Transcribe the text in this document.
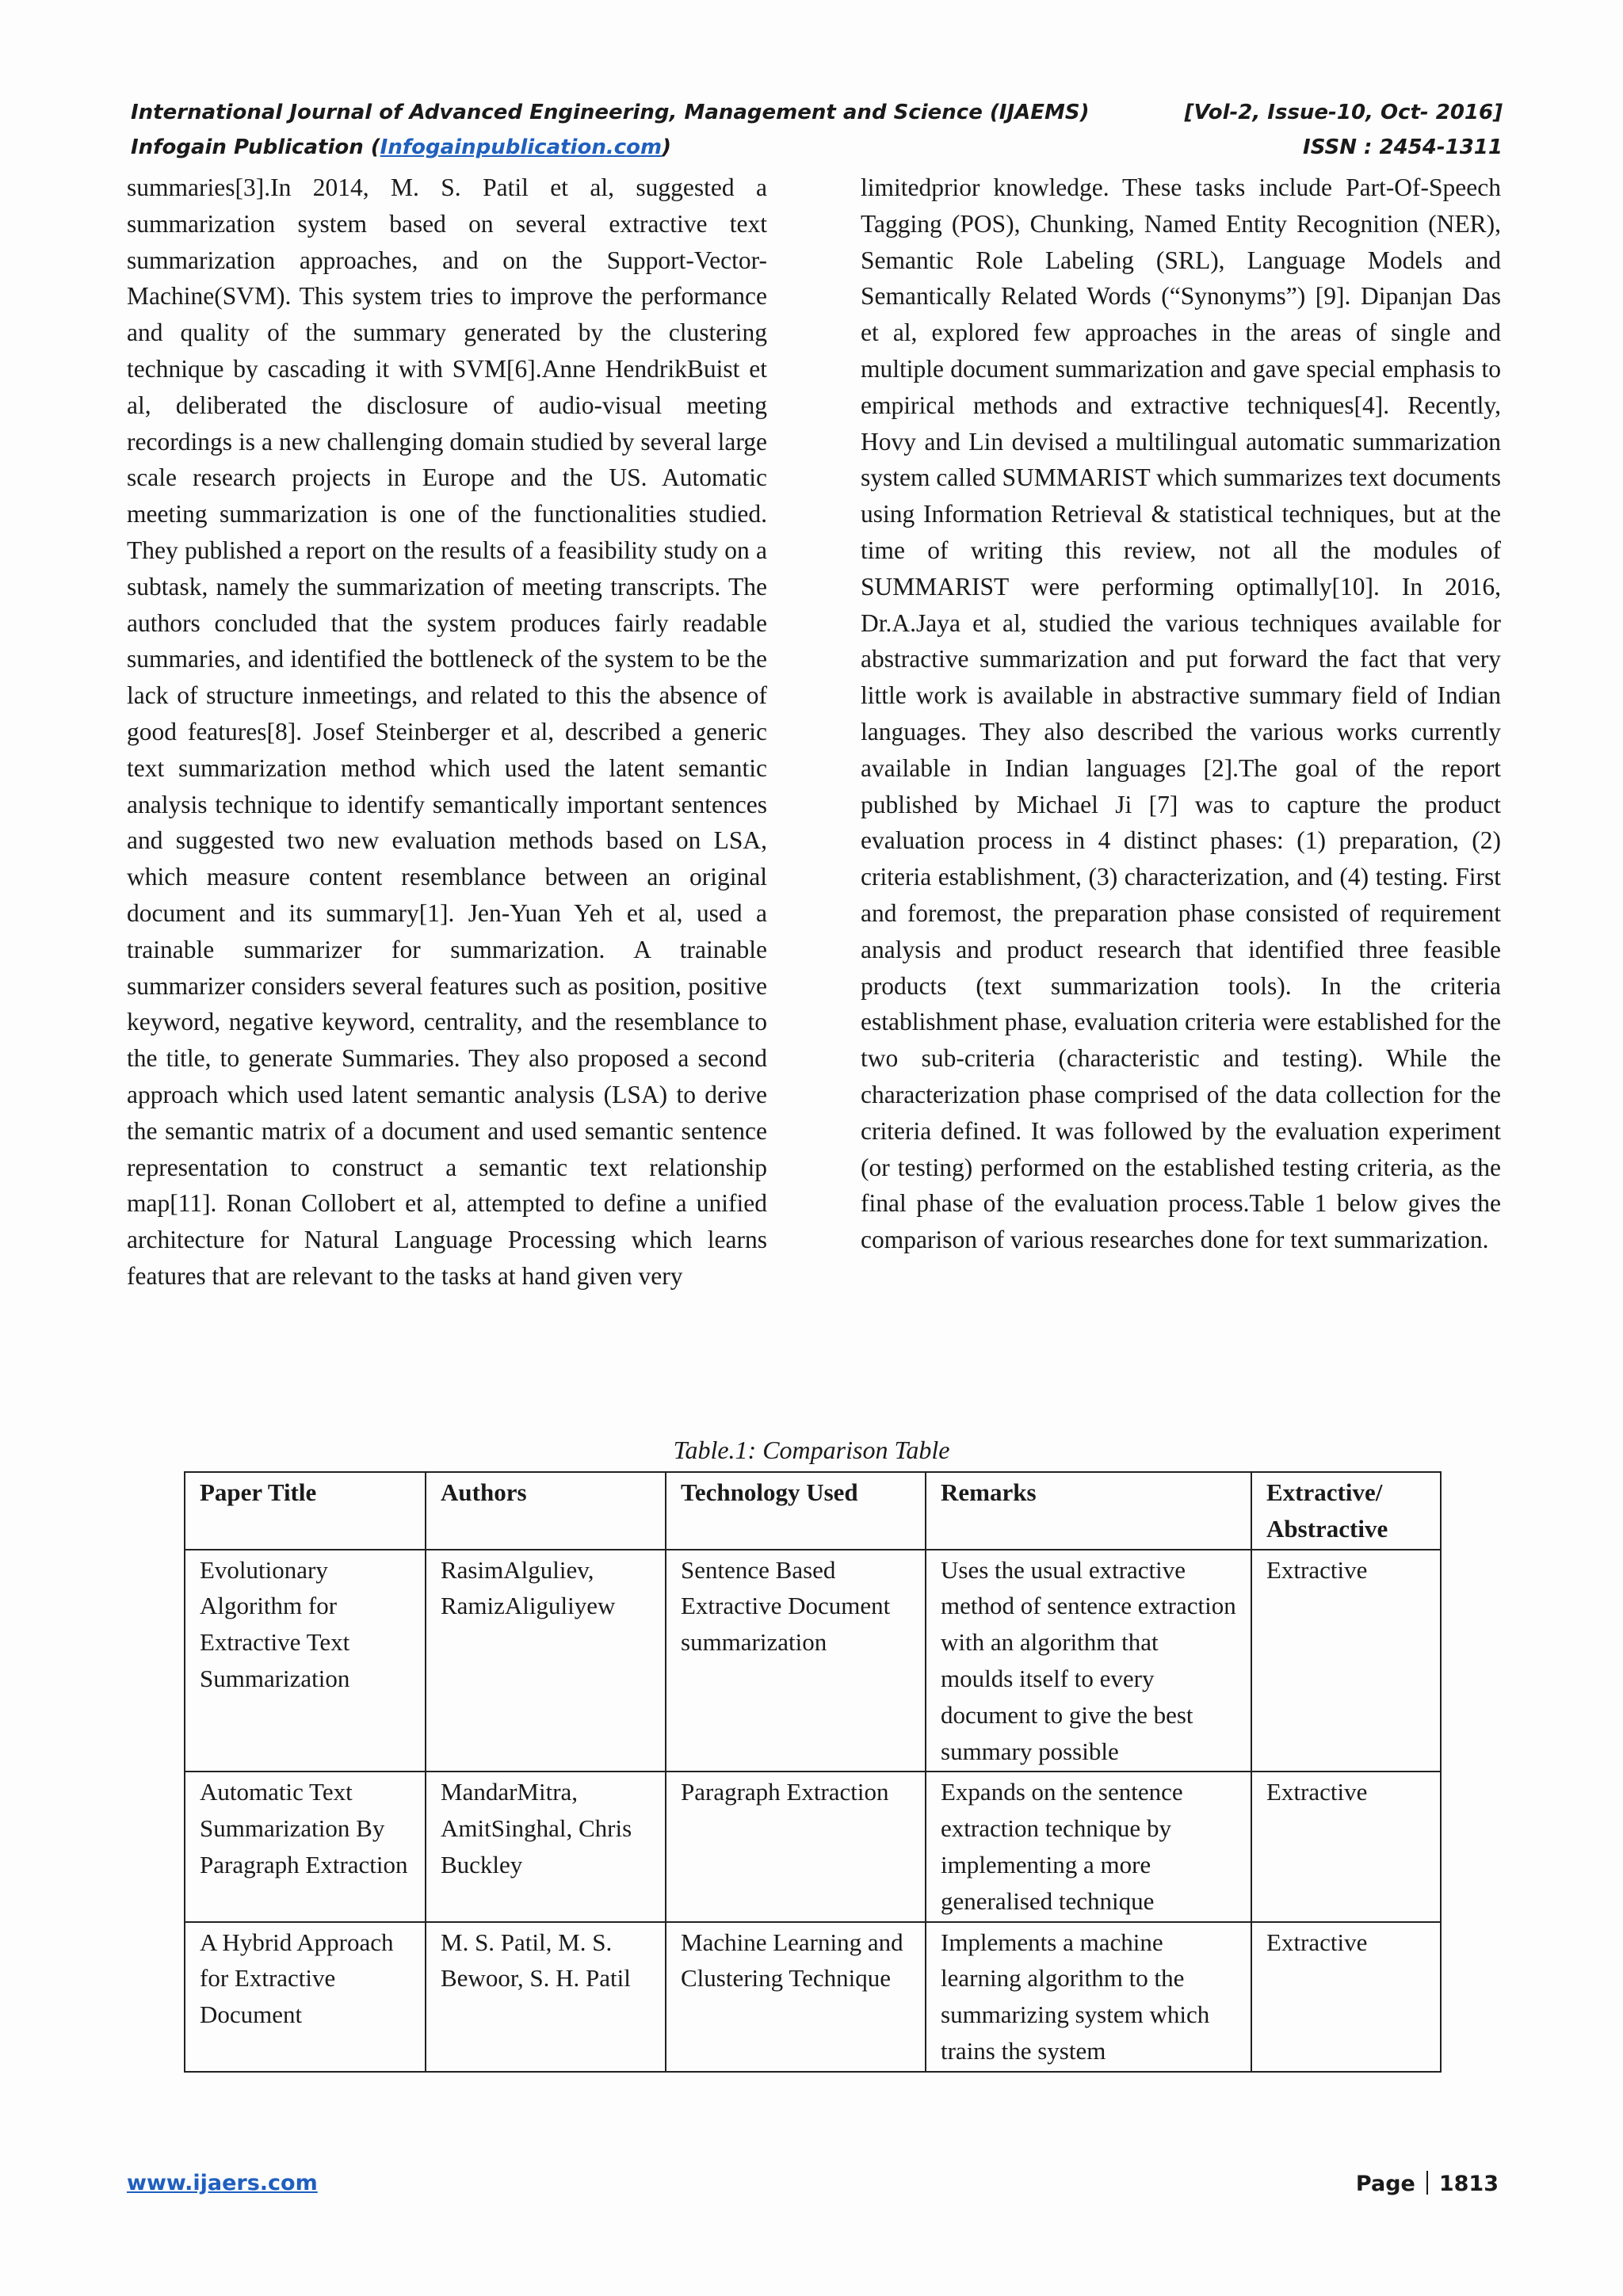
International Journal of Advanced Engineering, Management and Science (IJAEMS)	[Vol-2, Issue-10, Oct- 2016]
Infogain Publication (Infogainpublication.com)	ISSN : 2454-1311
summaries[3].In 2014, M. S. Patil et al, suggested a summarization system based on several extractive text summarization approaches, and on the Support-Vector-Machine(SVM). This system tries to improve the performance and quality of the summary generated by the clustering technique by cascading it with SVM[6].Anne HendrikBuist et al, deliberated the disclosure of audio-visual meeting recordings is a new challenging domain studied by several large scale research projects in Europe and the US. Automatic meeting summarization is one of the functionalities studied. They published a report on the results of a feasibility study on a subtask, namely the summarization of meeting transcripts. The authors concluded that the system produces fairly readable summaries, and identified the bottleneck of the system to be the lack of structure inmeetings, and related to this the absence of good features[8]. Josef Steinberger et al, described a generic text summarization method which used the latent semantic analysis technique to identify semantically important sentences and suggested two new evaluation methods based on LSA, which measure content resemblance between an original document and its summary[1]. Jen-Yuan Yeh et al, used a trainable summarizer for summarization. A trainable summarizer considers several features such as position, positive keyword, negative keyword, centrality, and the resemblance to the title, to generate Summaries. They also proposed a second approach which used latent semantic analysis (LSA) to derive the semantic matrix of a document and used semantic sentence representation to construct a semantic text relationship map[11]. Ronan Collobert et al, attempted to define a unified architecture for Natural Language Processing which learns features that are relevant to the tasks at hand given very
limitedprior knowledge. These tasks include Part-Of-Speech Tagging (POS), Chunking, Named Entity Recognition (NER), Semantic Role Labeling (SRL), Language Models and Semantically Related Words (“Synonyms”) [9]. Dipanjan Das et al, explored few approaches in the areas of single and multiple document summarization and gave special emphasis to empirical methods and extractive techniques[4]. Recently, Hovy and Lin devised a multilingual automatic summarization system called SUMMARIST which summarizes text documents using Information Retrieval & statistical techniques, but at the time of writing this review, not all the modules of SUMMARIST were performing optimally[10]. In 2016, Dr.A.Jaya et al, studied the various techniques available for abstractive summarization and put forward the fact that very little work is available in abstractive summary field of Indian languages. They also described the various works currently available in Indian languages [2].The goal of the report published by Michael Ji [7] was to capture the product evaluation process in 4 distinct phases: (1) preparation, (2) criteria establishment, (3) characterization, and (4) testing. First and foremost, the preparation phase consisted of requirement analysis and product research that identified three feasible products (text summarization tools). In the criteria establishment phase, evaluation criteria were established for the two sub-criteria (characteristic and testing). While the characterization phase comprised of the data collection for the criteria defined. It was followed by the evaluation experiment (or testing) performed on the established testing criteria, as the final phase of the evaluation process.Table 1 below gives the comparison of various researches done for text summarization.
Table.1: Comparison Table
Paper Title	Authors	Technology Used	Remarks	Extractive/ Abstractive
Evolutionary Algorithm for Extractive Text Summarization	RasimAlguliev, RamizAliguliyew	Sentence Based Extractive Document summarization	Uses the usual extractive method of sentence extraction with an algorithm that moulds itself to every document to give the best summary possible	Extractive
Automatic Text Summarization By Paragraph Extraction	MandarMitra, AmitSinghal, Chris Buckley	Paragraph Extraction	Expands on the sentence extraction technique by implementing a more generalised technique	Extractive
A Hybrid Approach for Extractive Document	M. S. Patil, M. S. Bewoor, S. H. Patil	Machine Learning and Clustering Technique	Implements a machine learning algorithm to the summarizing system which trains the system	Extractive
www.ijaers.com	Page 1813
